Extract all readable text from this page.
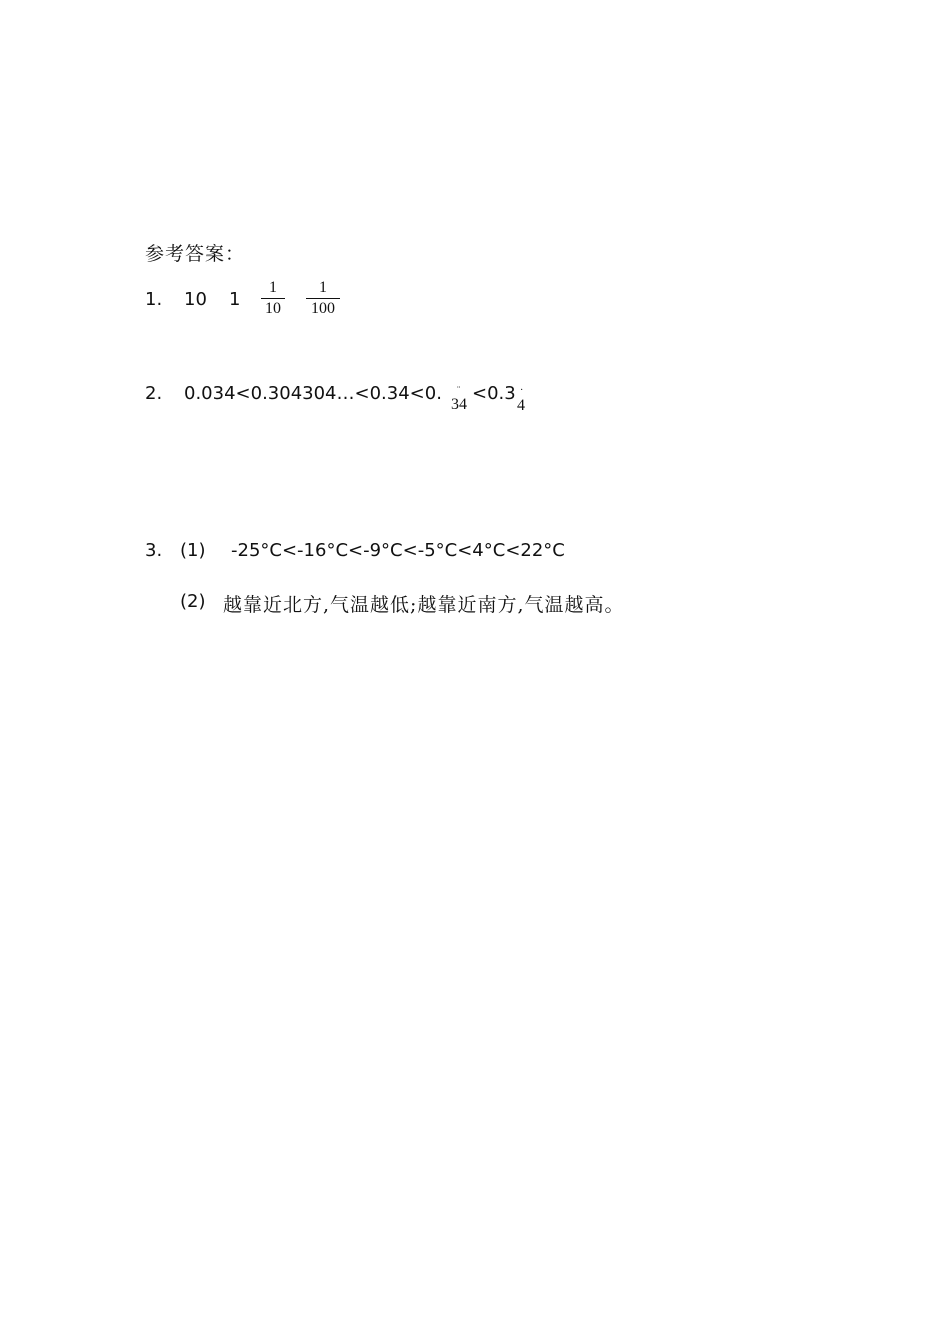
参考答案：
1. 10 1
1
10
1
100
2. 0.034<0.304304…<0.34<0. ¨
34
<0.3 ·
4
3. (1) -25°C<-16°C<-9°C<-5°C<4°C<22°C
(2) 越靠近北方,气温越低;越靠近南方,气温越高。
